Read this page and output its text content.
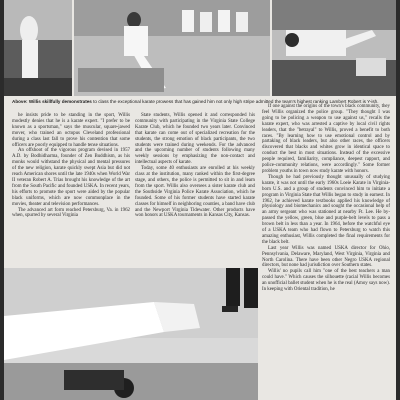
Above: Willis skillfully demonstrates to class the exceptional karate prowess that has gained him not only high stripe admitted the team's highest ranking Lambert Robert is Y-ish.

he insists pride to be standing in the sport, Willis modestly denies that he is a karate expert. "I prefer to be known as a sportsman," says the muscular, square-jawed mover, who trained an octopus Cleveland professional during a class last fall to prove his contention that some officers are poorly equipped to handle tense situations.

An offshoot of the vigorous program devised in 1957 A.D. by Bodhidharma, founder of Zen Buddhism, as his monks would withstand the physical and mental pressures of the new religion, karate quickly swept Asia but did not reach American shores until the late 1940s when World War II veteran Robert A. Trias brought his knowledge of the art from the South Pacific and founded USKA. In recent years, his efforts to promote the sport were aided by the popular black uniforms, which are now commonplace in the movies, theater and television performances.

The advanced art form reached Petersburg, Va. in 1962 when, spurred by several Virginia

State students, Willis opened it and corresponded his community with participating in the Virginia State College Karate Club, which he founded two years later. Convinced that karate can come out of specialized recreation for the students, the strong emotion of black participants, the two students were trained during weekends. For the advanced and the upcoming number of students following many weekly sessions by emphasizing the non-contact and intellectual aspects of karate.

Today, some 40 enthusiasts are enrolled at his weekly class at the institution, many ranked within the first-degree stage, and others, the police is permitted to sit in and learn from the sport. Willis also oversees a sister karate club and the Southside Virginia Police Karate Association, which he founded. Some of his former students have started karate classes for himself in neighboring counties, a band have club and the Newport Virginia Tidewater. Other products have won honors at USKA tournaments in Kansas City, Kansas.

If one against the origins of the town's black community, they feel Willis organized the police group. "They thought I was going to be policing a weapon to use against us," recalls the karate expert, who was arrested a captive by local civil rights leaders, that the "betrayal" to Willis, proved a benefit to both races. "By learning how to use emotional control and by partaking of black leaders, but also other races, the officers discovered that blacks and whites grow in identical space to conduct the best in most situations. Instead of the excessive people required, familiarity, compliance, deepest rapport, and police-community relations, were accordingly." Some former problem youths in town now study karate with honors.

Though he had previously thought unusually of studying karate, it was not until the early 1960s Loeie Karate in Virginia-born U.S. and a group of students convinced him to initiate a program in Virginia State that Willis began to study in earnest. In 1962, he achieved karate textbooks applied his knowledge of physiology and biomechanics and sought the occasional help of an army sergeant who was stationed at nearby Ft. Lee. He by-passed the yellow, green, blue and purple-belt levels to pass a brown belt in less than a year. In 1964, before the watchful eye of a USKA team who had flown to Petersburg to watch this amazing enthusiast, Willis completed the final requirements for the black belt.

Last year Willis was named USKA director for Ohio, Pennsylvania, Delaware, Maryland, West Virginia, Virginia and North Carolina. There have been other Negro USKA regional directors, but none had jurisdiction over Southern states.

Willis' no pupils call him "one of the best teachers a man could have." Which causes the silhouette (racial Willis becomes an unofficial ballet student when he is the real (Amoy says now). In keeping with Oriental tradition, he
